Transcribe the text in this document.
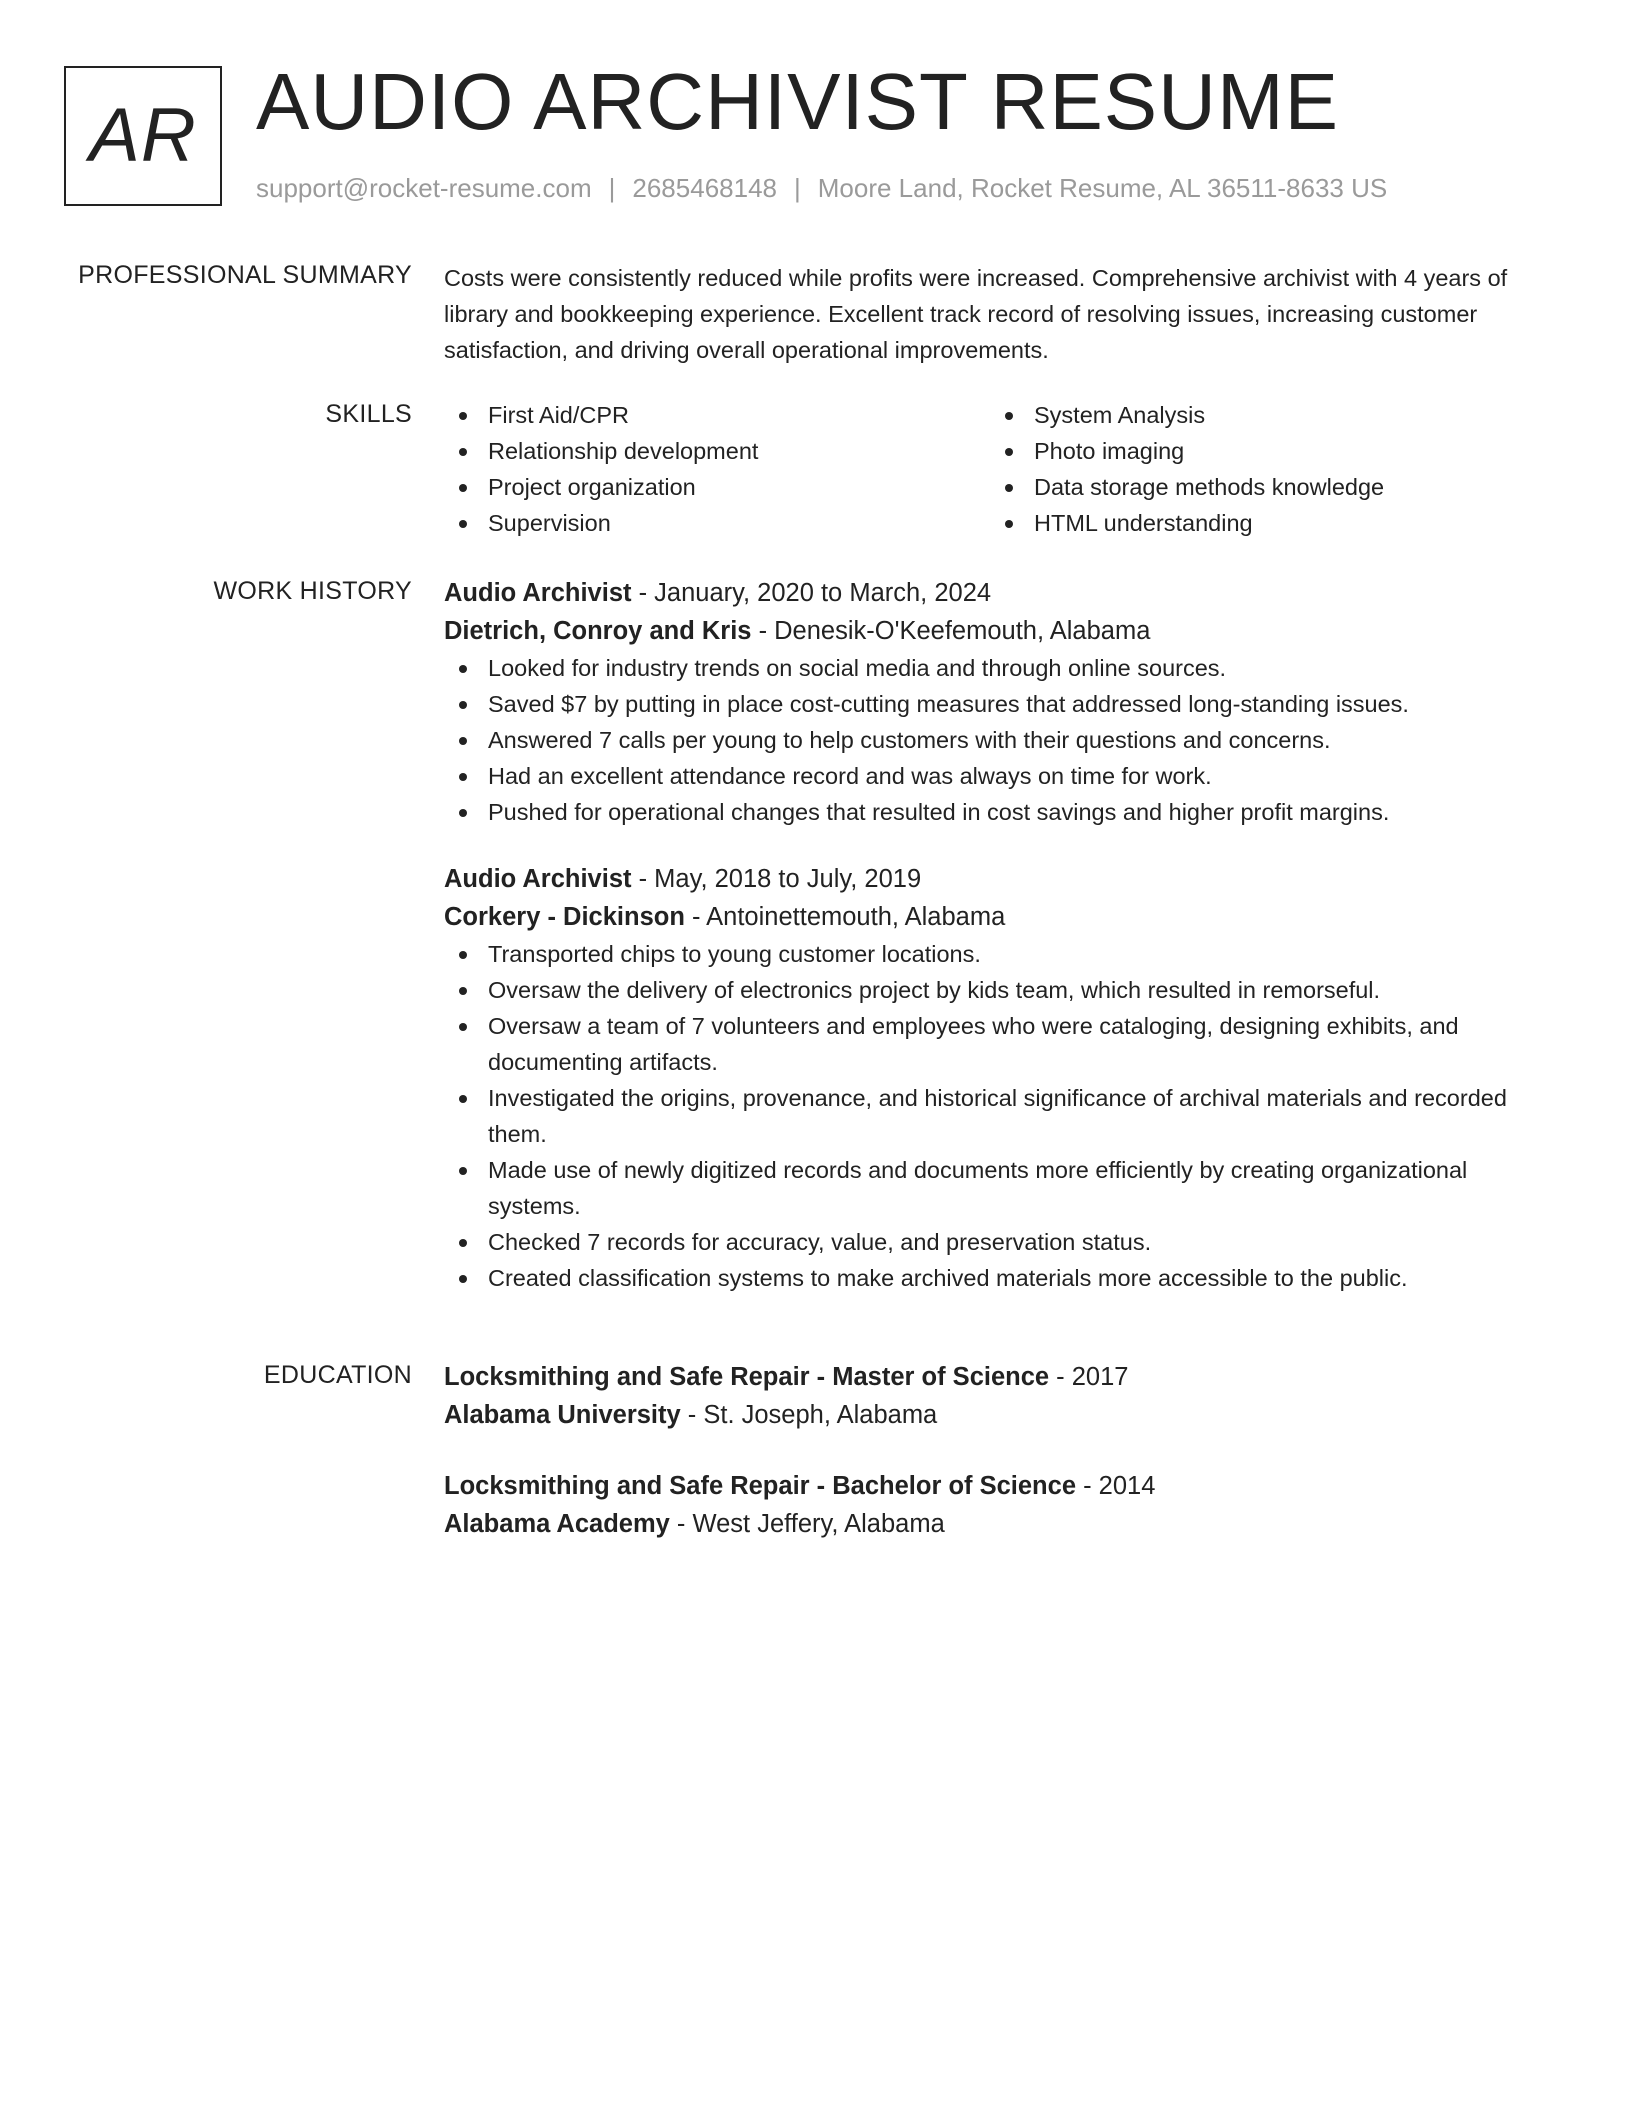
AR AUDIO ARCHIVIST RESUME
support@rocket-resume.com | 2685468148 | Moore Land, Rocket Resume, AL 36511-8633 US
PROFESSIONAL SUMMARY Costs were consistently reduced while profits were increased. Comprehensive archivist with 4 years of library and bookkeeping experience. Excellent track record of resolving issues, increasing customer satisfaction, and driving overall operational improvements.

SKILLS	First Aid/CPR
Relationship development
Project organization
Supervision
System Analysis
Photo imaging
Data storage methods knowledge
HTML understanding
WORK HISTORY Audio Archivist - January, 2020 to March, 2024
Dietrich, Conroy and Kris - Denesik-O'Keefemouth, Alabama
Looked for industry trends on social media and through online sources.
Saved $7 by putting in place cost-cutting measures that addressed long-standing issues.
Answered 7 calls per young to help customers with their questions and concerns.
Had an excellent attendance record and was always on time for work.
Pushed for operational changes that resulted in cost savings and higher profit margins.
Audio Archivist - May, 2018 to July, 2019
Corkery - Dickinson - Antoinettemouth, Alabama
Transported chips to young customer locations.
Oversaw the delivery of electronics project by kids team, which resulted in remorseful.
Oversaw a team of 7 volunteers and employees who were cataloging, designing exhibits, and documenting artifacts.
Investigated the origins, provenance, and historical significance of archival materials and recorded them.
Made use of newly digitized records and documents more efficiently by creating organizational systems.
Checked 7 records for accuracy, value, and preservation status.
Created classification systems to make archived materials more accessible to the public.
EDUCATION Locksmithing and Safe Repair - Master of Science - 2017
Alabama University - St. Joseph, Alabama
Locksmithing and Safe Repair - Bachelor of Science - 2014
Alabama Academy - West Jeffery, Alabama
